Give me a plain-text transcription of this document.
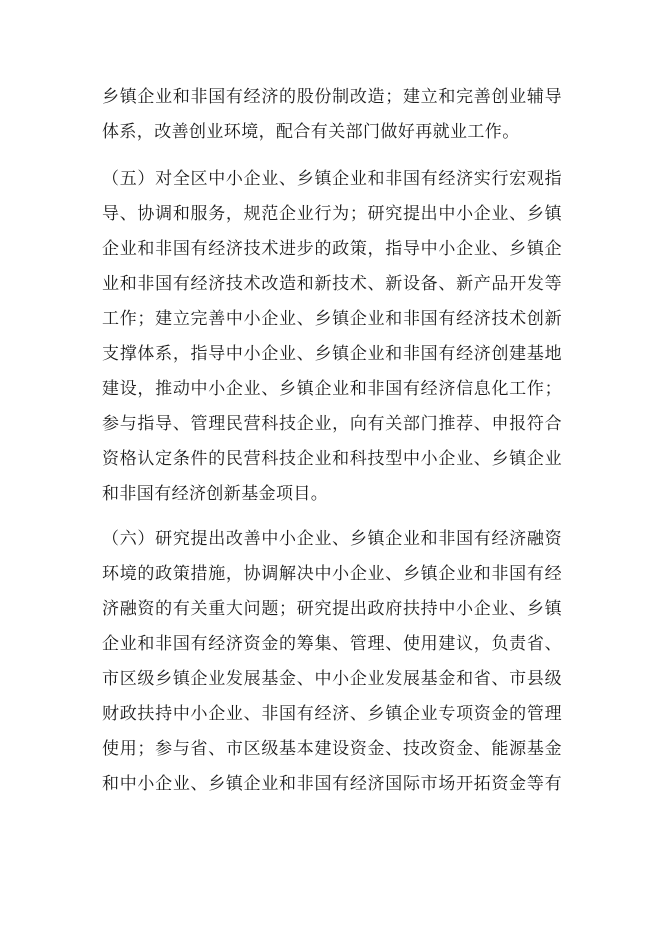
乡镇企业和非国有经济的股份制改造；建立和完善创业辅导
体系，改善创业环境，配合有关部门做好再就业工作。
（五）对全区中小企业、乡镇企业和非国有经济实行宏观指
导、协调和服务，规范企业行为；研究提出中小企业、乡镇
企业和非国有经济技术进步的政策，指导中小企业、乡镇企
业和非国有经济技术改造和新技术、新设备、新产品开发等
工作；建立完善中小企业、乡镇企业和非国有经济技术创新
支撑体系，指导中小企业、乡镇企业和非国有经济创建基地
建设，推动中小企业、乡镇企业和非国有经济信息化工作；
参与指导、管理民营科技企业，向有关部门推荐、申报符合
资格认定条件的民营科技企业和科技型中小企业、乡镇企业
和非国有经济创新基金项目。
（六）研究提出改善中小企业、乡镇企业和非国有经济融资
环境的政策措施，协调解决中小企业、乡镇企业和非国有经
济融资的有关重大问题；研究提出政府扶持中小企业、乡镇
企业和非国有经济资金的筹集、管理、使用建议，负责省、
市区级乡镇企业发展基金、中小企业发展基金和省、市县级
财政扶持中小企业、非国有经济、乡镇企业专项资金的管理
使用；参与省、市区级基本建设资金、技改资金、能源基金
和中小企业、乡镇企业和非国有经济国际市场开拓资金等有
